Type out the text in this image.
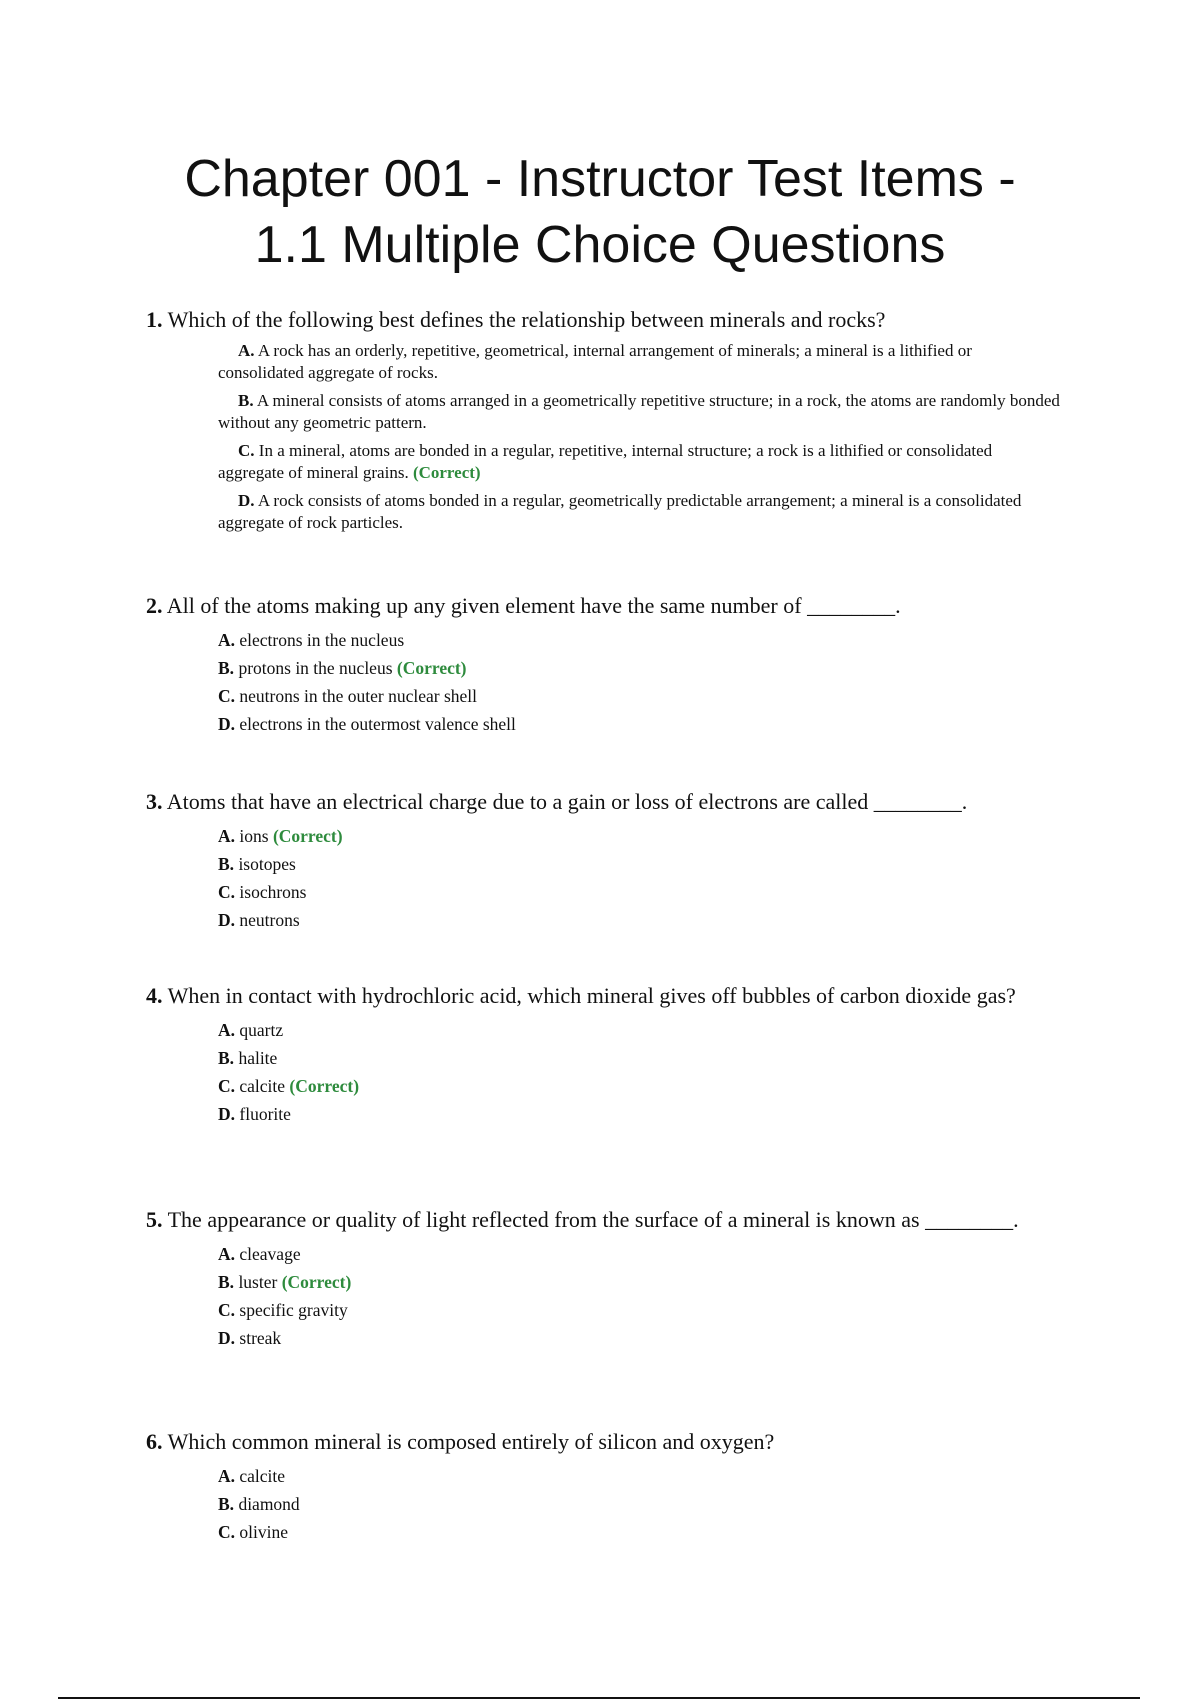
Chapter 001 - Instructor Test Items -
1.1 Multiple Choice Questions

1. Which of the following best defines the relationship between minerals and rocks?

A. A rock has an orderly, repetitive, geometrical, internal arrangement of minerals; a mineral is a lithified or consolidated aggregate of rocks.
B. A mineral consists of atoms arranged in a geometrically repetitive structure; in a rock, the atoms are randomly bonded without any geometric pattern.
C. In a mineral, atoms are bonded in a regular, repetitive, internal structure; a rock is a lithified or consolidated aggregate of mineral grains. (Correct)
D. A rock consists of atoms bonded in a regular, geometrically predictable arrangement; a mineral is a consolidated aggregate of rock particles.

2. All of the atoms making up any given element have the same number of ________.

A. electrons in the nucleus
B. protons in the nucleus (Correct)
C. neutrons in the outer nuclear shell
D. electrons in the outermost valence shell

3. Atoms that have an electrical charge due to a gain or loss of electrons are called ________.

A. ions (Correct)
B. isotopes
C. isochrons
D. neutrons

4. When in contact with hydrochloric acid, which mineral gives off bubbles of carbon dioxide gas?

A. quartz
B. halite
C. calcite (Correct)
D. fluorite

5. The appearance or quality of light reflected from the surface of a mineral is known as ________.

A. cleavage
B. luster (Correct)
C. specific gravity
D. streak

6. Which common mineral is composed entirely of silicon and oxygen?

A. calcite
B. diamond
C. olivine
